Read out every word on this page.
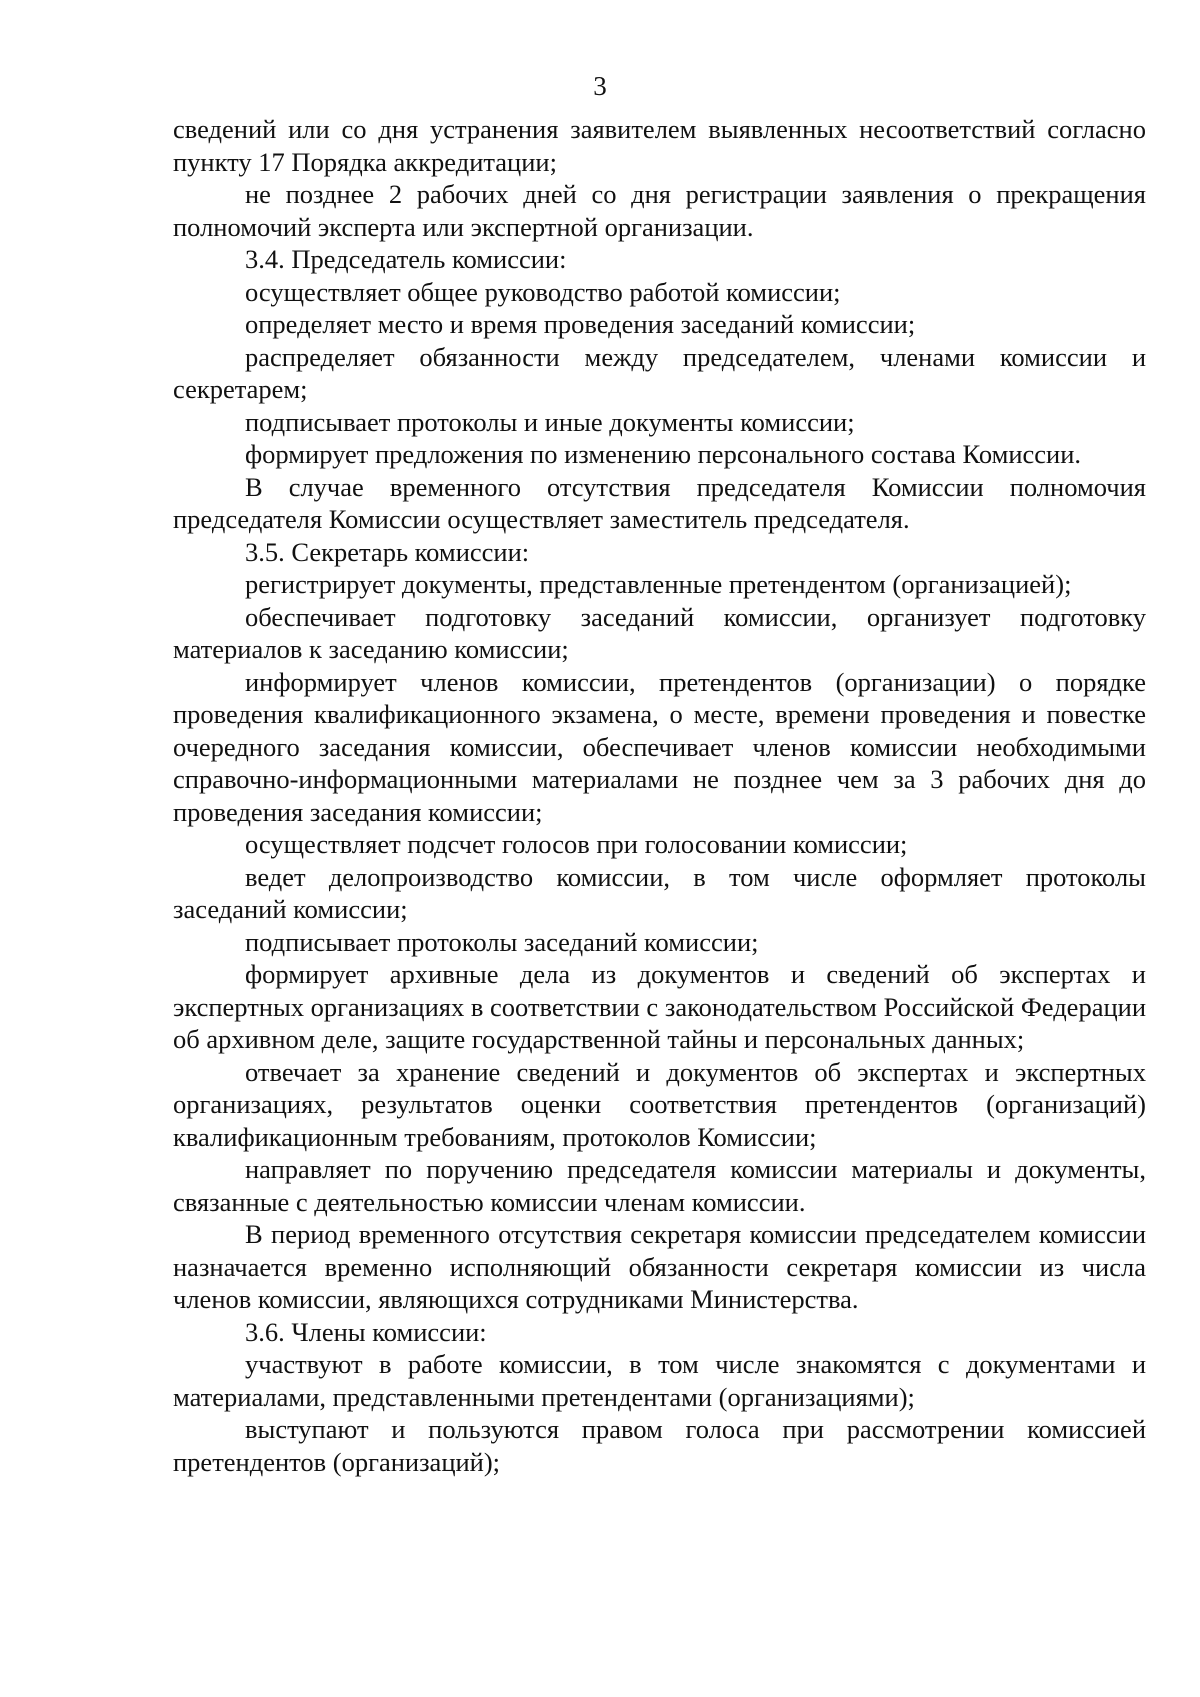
3

сведений или со дня устранения заявителем выявленных несоответствий согласно пункту 17 Порядка аккредитации;

не позднее 2 рабочих дней со дня регистрации заявления о прекращения полномочий эксперта или экспертной организации.

3.4. Председатель комиссии:

осуществляет общее руководство работой комиссии;

определяет место и время проведения заседаний комиссии;

распределяет обязанности между председателем, членами комиссии и секретарем;

подписывает протоколы и иные документы комиссии;

формирует предложения по изменению персонального состава Комиссии.

В случае временного отсутствия председателя Комиссии полномочия председателя Комиссии осуществляет заместитель председателя.

3.5. Секретарь комиссии:

регистрирует документы, представленные претендентом (организацией);

обеспечивает подготовку заседаний комиссии, организует подготовку материалов к заседанию комиссии;

информирует членов комиссии, претендентов (организации) о порядке проведения квалификационного экзамена, о месте, времени проведения и повестке очередного заседания комиссии, обеспечивает членов комиссии необходимыми справочно-информационными материалами не позднее чем за 3 рабочих дня до проведения заседания комиссии;

осуществляет подсчет голосов при голосовании комиссии;

ведет делопроизводство комиссии, в том числе оформляет протоколы заседаний комиссии;

подписывает протоколы заседаний комиссии;

формирует архивные дела из документов и сведений об экспертах и экспертных организациях в соответствии с законодательством Российской Федерации об архивном деле, защите государственной тайны и персональных данных;

отвечает за хранение сведений и документов об экспертах и экспертных организациях, результатов оценки соответствия претендентов (организаций) квалификационным требованиям, протоколов Комиссии;

направляет по поручению председателя комиссии материалы и документы, связанные с деятельностью комиссии членам комиссии.

В период временного отсутствия секретаря комиссии председателем комиссии назначается временно исполняющий обязанности секретаря комиссии из числа членов комиссии, являющихся сотрудниками Министерства.

3.6. Члены комиссии:

участвуют в работе комиссии, в том числе знакомятся с документами и материалами, представленными претендентами (организациями);

выступают и пользуются правом голоса при рассмотрении комиссией претендентов (организаций);
